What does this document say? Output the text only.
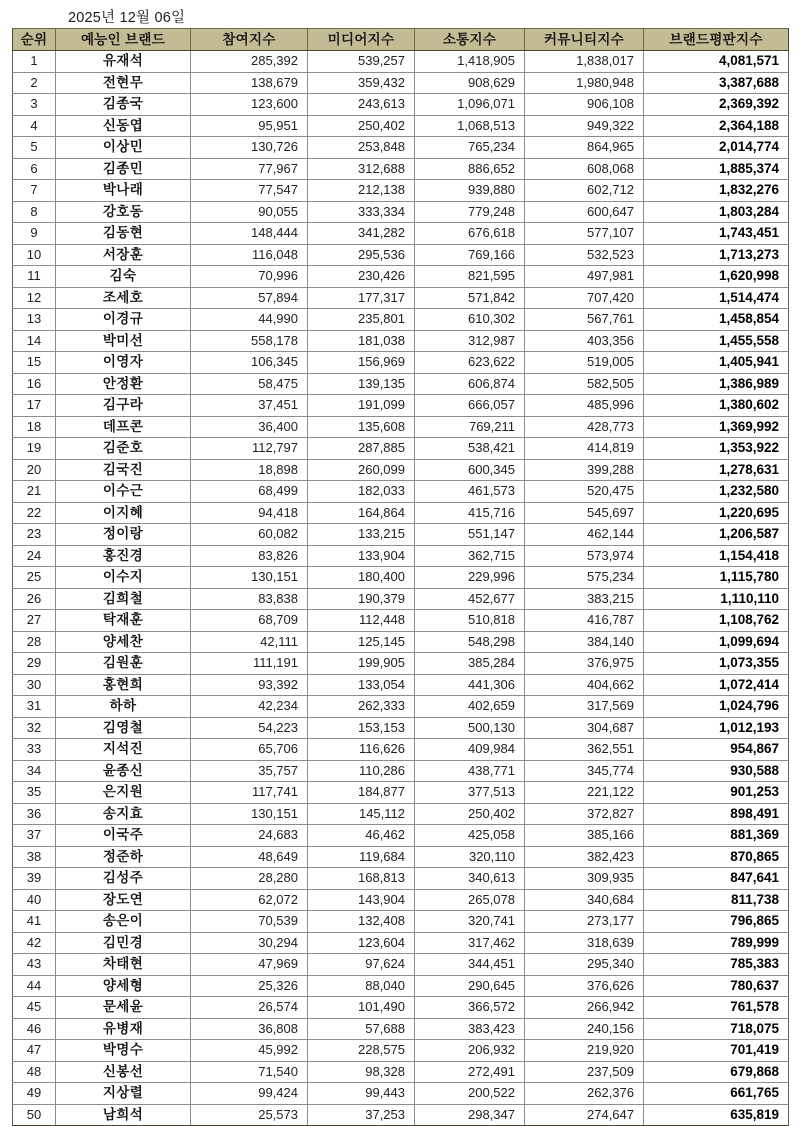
2025년 12월 06일
순위	예능인 브랜드	참여지수	미디어지수	소통지수	커뮤니티지수	브랜드평판지수
1	유재석	285,392	539,257	1,418,905	1,838,017	4,081,571
2	전현무	138,679	359,432	908,629	1,980,948	3,387,688
3	김종국	123,600	243,613	1,096,071	906,108	2,369,392
4	신동엽	95,951	250,402	1,068,513	949,322	2,364,188
5	이상민	130,726	253,848	765,234	864,965	2,014,774
6	김종민	77,967	312,688	886,652	608,068	1,885,374
7	박나래	77,547	212,138	939,880	602,712	1,832,276
8	강호동	90,055	333,334	779,248	600,647	1,803,284
9	김동현	148,444	341,282	676,618	577,107	1,743,451
10	서장훈	116,048	295,536	769,166	532,523	1,713,273
11	김숙	70,996	230,426	821,595	497,981	1,620,998
12	조세호	57,894	177,317	571,842	707,420	1,514,474
13	이경규	44,990	235,801	610,302	567,761	1,458,854
14	박미선	558,178	181,038	312,987	403,356	1,455,558
15	이영자	106,345	156,969	623,622	519,005	1,405,941
16	안정환	58,475	139,135	606,874	582,505	1,386,989
17	김구라	37,451	191,099	666,057	485,996	1,380,602
18	데프콘	36,400	135,608	769,211	428,773	1,369,992
19	김준호	112,797	287,885	538,421	414,819	1,353,922
20	김국진	18,898	260,099	600,345	399,288	1,278,631
21	이수근	68,499	182,033	461,573	520,475	1,232,580
22	이지혜	94,418	164,864	415,716	545,697	1,220,695
23	정이랑	60,082	133,215	551,147	462,144	1,206,587
24	홍진경	83,826	133,904	362,715	573,974	1,154,418
25	이수지	130,151	180,400	229,996	575,234	1,115,780
26	김희철	83,838	190,379	452,677	383,215	1,110,110
27	탁재훈	68,709	112,448	510,818	416,787	1,108,762
28	양세찬	42,111	125,145	548,298	384,140	1,099,694
29	김원훈	111,191	199,905	385,284	376,975	1,073,355
30	홍현희	93,392	133,054	441,306	404,662	1,072,414
31	하하	42,234	262,333	402,659	317,569	1,024,796
32	김영철	54,223	153,153	500,130	304,687	1,012,193
33	지석진	65,706	116,626	409,984	362,551	954,867
34	윤종신	35,757	110,286	438,771	345,774	930,588
35	은지원	117,741	184,877	377,513	221,122	901,253
36	송지효	130,151	145,112	250,402	372,827	898,491
37	이국주	24,683	46,462	425,058	385,166	881,369
38	정준하	48,649	119,684	320,110	382,423	870,865
39	김성주	28,280	168,813	340,613	309,935	847,641
40	장도연	62,072	143,904	265,078	340,684	811,738
41	송은이	70,539	132,408	320,741	273,177	796,865
42	김민경	30,294	123,604	317,462	318,639	789,999
43	차태현	47,969	97,624	344,451	295,340	785,383
44	양세형	25,326	88,040	290,645	376,626	780,637
45	문세윤	26,574	101,490	366,572	266,942	761,578
46	유병재	36,808	57,688	383,423	240,156	718,075
47	박명수	45,992	228,575	206,932	219,920	701,419
48	신봉선	71,540	98,328	272,491	237,509	679,868
49	지상렬	99,424	99,443	200,522	262,376	661,765
50	남희석	25,573	37,253	298,347	274,647	635,819
